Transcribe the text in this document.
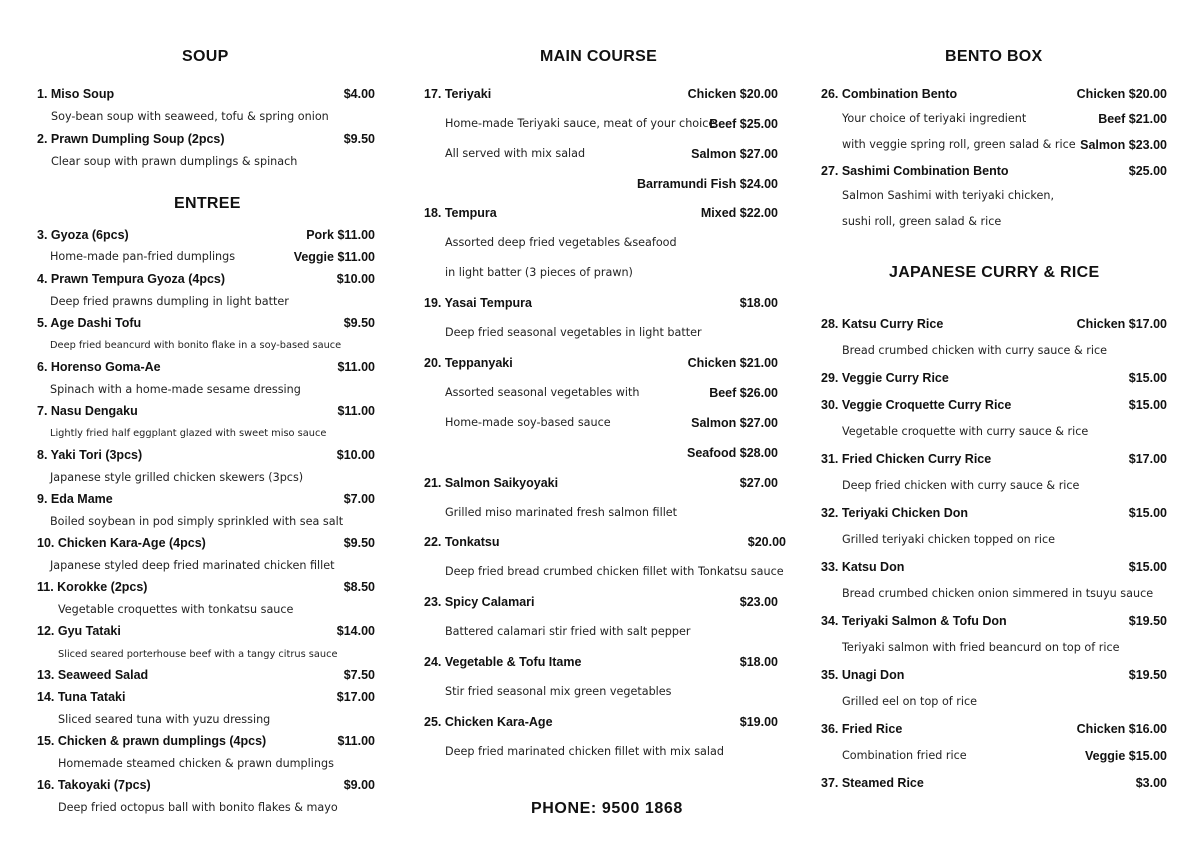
SOUP
1. Miso Soup	$4.00
Soy-bean soup with seaweed, tofu & spring onion
2. Prawn Dumpling Soup (2pcs)	$9.50
Clear soup with prawn dumplings & spinach
ENTREE
3. Gyoza (6pcs)	Pork $11.00
Home-made pan-fried dumplings	Veggie $11.00
4. Prawn Tempura Gyoza (4pcs)	$10.00
Deep fried prawns dumpling in light batter
5. Age Dashi Tofu	$9.50
Deep fried beancurd with bonito flake in a soy-based sauce
6. Horenso Goma-Ae	$11.00
Spinach with a home-made sesame dressing
7. Nasu Dengaku	$11.00
Lightly fried half eggplant glazed with sweet miso sauce
8. Yaki Tori (3pcs)	$10.00
Japanese style grilled chicken skewers (3pcs)
9. Eda Mame	$7.00
Boiled soybean in pod simply sprinkled with sea salt
10. Chicken Kara-Age (4pcs)	$9.50
Japanese styled deep fried marinated chicken fillet
11. Korokke (2pcs)	$8.50
Vegetable croquettes with tonkatsu sauce
12. Gyu Tataki	$14.00
Sliced seared porterhouse beef with a tangy citrus sauce
13. Seaweed Salad	$7.50
14. Tuna Tataki	$17.00
Sliced seared tuna with yuzu dressing
15. Chicken & prawn dumplings (4pcs)	$11.00
Homemade steamed chicken & prawn dumplings
16. Takoyaki (7pcs)	$9.00
Deep fried octopus ball with bonito flakes & mayo
MAIN COURSE
17. Teriyaki	Chicken $20.00
Home-made Teriyaki sauce, meat of your choice
Beef $25.00
All served with mix salad	Salmon $27.00
Barramundi Fish $24.00
18. Tempura	Mixed $22.00
Assorted deep fried vegetables &seafood
in light batter (3 pieces of prawn)
19. Yasai Tempura	$18.00
Deep fried seasonal vegetables in light batter
20. Teppanyaki	Chicken $21.00
Assorted seasonal vegetables with	Beef $26.00
Home-made soy-based sauce	Salmon $27.00
Seafood $28.00
21. Salmon Saikyoyaki	$27.00
Grilled miso marinated fresh salmon fillet
22. Tonkatsu	$20.00
Deep fried bread crumbed chicken fillet with Tonkatsu sauce
23. Spicy Calamari	$23.00
Battered calamari stir fried with salt pepper
24. Vegetable & Tofu Itame	$18.00
Stir fried seasonal mix green vegetables
25. Chicken Kara-Age	$19.00
Deep fried marinated chicken fillet with mix salad
PHONE: 9500 1868
BENTO BOX
26. Combination Bento	Chicken $20.00
Your choice of teriyaki ingredient	Beef $21.00
with veggie spring roll, green salad & rice Salmon $23.00
27. Sashimi Combination Bento	$25.00
Salmon Sashimi with teriyaki chicken,
sushi roll, green salad & rice
JAPANESE CURRY & RICE
28. Katsu Curry Rice	Chicken $17.00
Bread crumbed chicken with curry sauce & rice
29. Veggie Curry Rice	$15.00
30. Veggie Croquette Curry Rice	$15.00
Vegetable croquette with curry sauce & rice
31. Fried Chicken Curry Rice	$17.00
Deep fried chicken with curry sauce & rice
32. Teriyaki Chicken Don	$15.00
Grilled teriyaki chicken topped on rice
33. Katsu Don	$15.00
Bread crumbed chicken onion simmered in tsuyu sauce
34. Teriyaki Salmon & Tofu Don	$19.50
Teriyaki salmon with fried beancurd on top of rice
35. Unagi Don	$19.50
Grilled eel on top of rice
36. Fried Rice	Chicken $16.00
Combination fried rice	Veggie $15.00
37. Steamed Rice	$3.00
